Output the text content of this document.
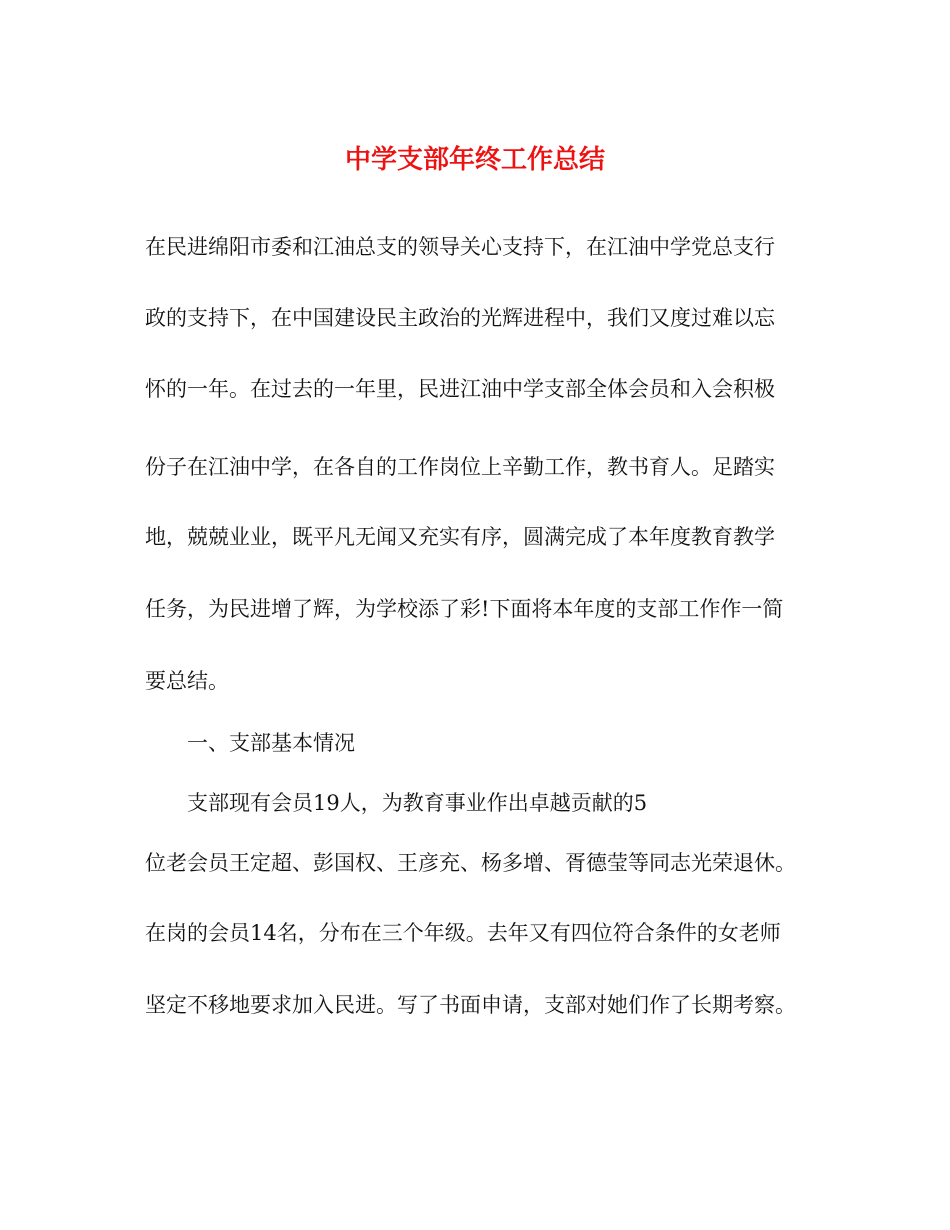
中学支部年终工作总结

在民进绵阳市委和江油总支的领导关心支持下，在江油中学党总支行

政的支持下，在中国建设民主政治的光辉进程中，我们又度过难以忘

怀的一年。在过去的一年里，民进江油中学支部全体会员和入会积极

份子在江油中学，在各自的工作岗位上辛勤工作，教书育人。足踏实

地，兢兢业业，既平凡无闻又充实有序，圆满完成了本年度教育教学

任务，为民进增了辉，为学校添了彩!下面将本年度的支部工作作一简

要总结。

一、支部基本情况

支部现有会员19人，为教育事业作出卓越贡献的5

位老会员王定超、彭国权、王彦充、杨多增、胥德莹等同志光荣退休。

在岗的会员14名，分布在三个年级。去年又有四位符合条件的女老师

坚定不移地要求加入民进。写了书面申请，支部对她们作了长期考察。
